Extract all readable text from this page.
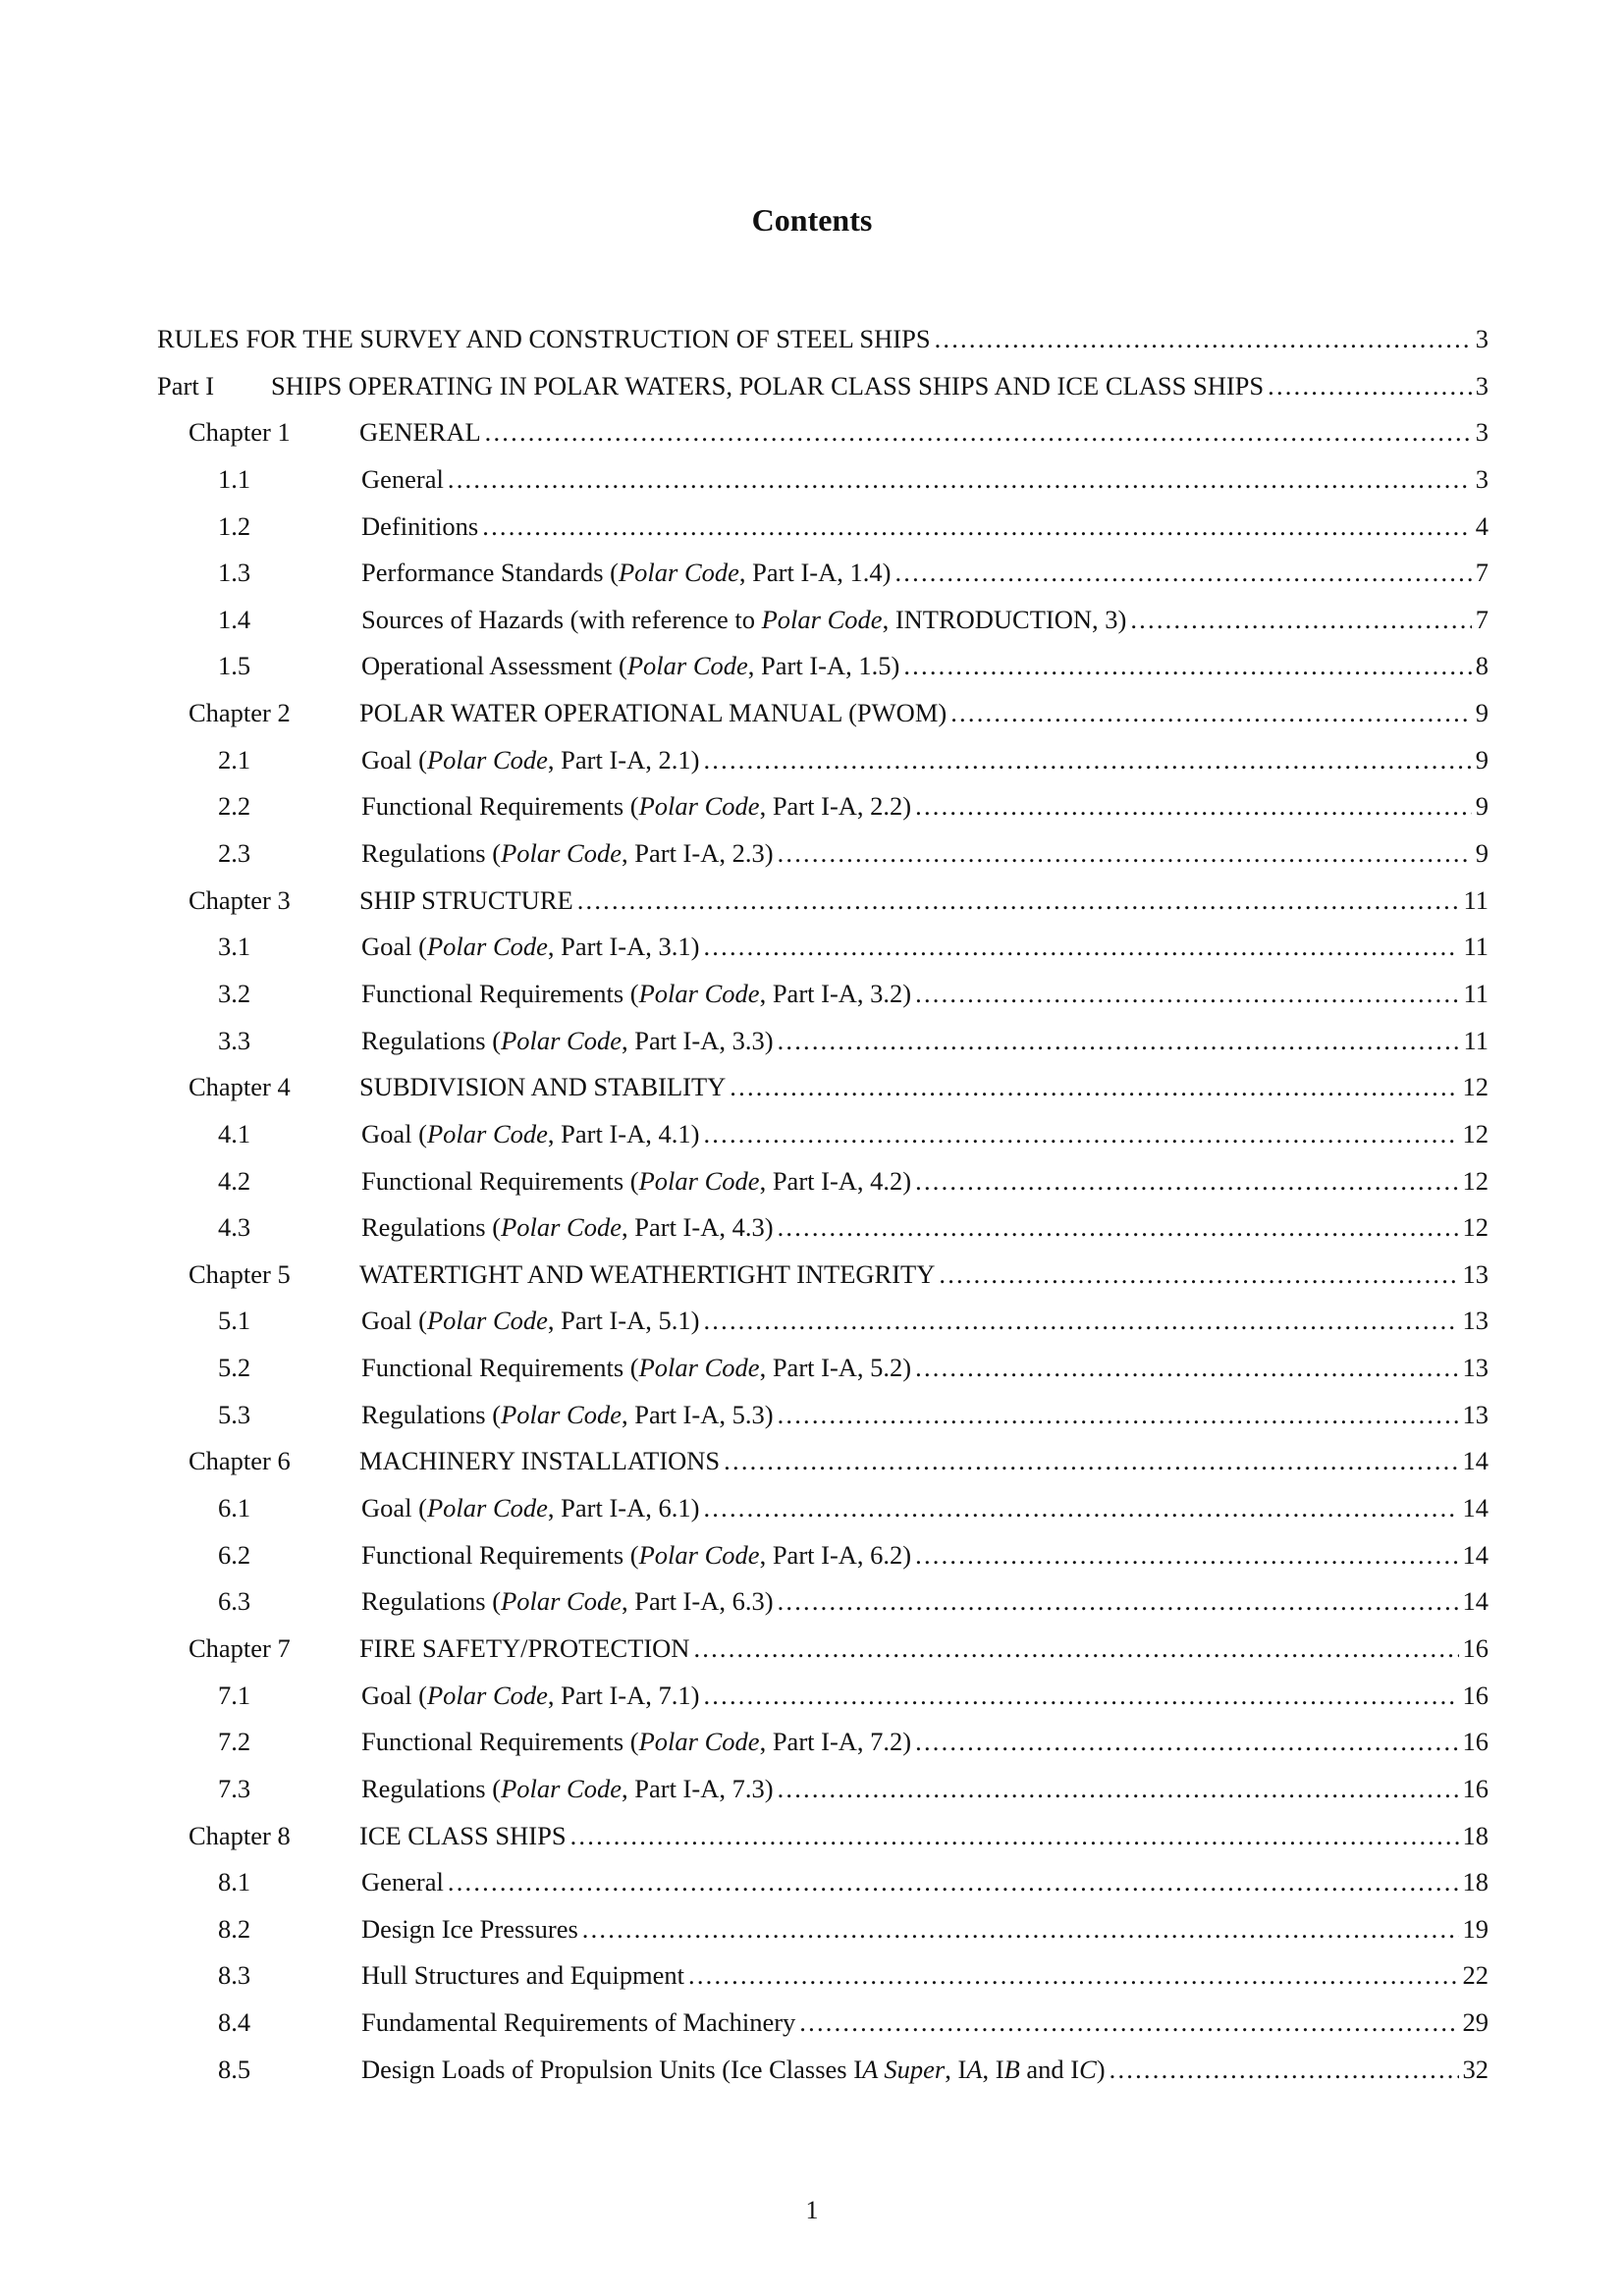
Contents
RULES FOR THE SURVEY AND CONSTRUCTION OF STEEL SHIPS .....	3
Part I	SHIPS OPERATING IN POLAR WATERS, POLAR CLASS SHIPS AND ICE CLASS SHIPS .....	3
Chapter 1	GENERAL .....	3
1.1	General .....	3
1.2	Definitions .....	4
1.3	Performance Standards (Polar Code, Part I-A, 1.4) .....	7
1.4	Sources of Hazards (with reference to Polar Code, INTRODUCTION, 3) .....	7
1.5	Operational Assessment (Polar Code, Part I-A, 1.5) .....	8
Chapter 2	POLAR WATER OPERATIONAL MANUAL (PWOM) .....	9
2.1	Goal (Polar Code, Part I-A, 2.1) .....	9
2.2	Functional Requirements (Polar Code, Part I-A, 2.2) .....	9
2.3	Regulations (Polar Code, Part I-A, 2.3) .....	9
Chapter 3	SHIP STRUCTURE .....	11
3.1	Goal (Polar Code, Part I-A, 3.1) .....	11
3.2	Functional Requirements (Polar Code, Part I-A, 3.2) .....	11
3.3	Regulations (Polar Code, Part I-A, 3.3) .....	11
Chapter 4	SUBDIVISION AND STABILITY .....	12
4.1	Goal (Polar Code, Part I-A, 4.1) .....	12
4.2	Functional Requirements (Polar Code, Part I-A, 4.2) .....	12
4.3	Regulations (Polar Code, Part I-A, 4.3) .....	12
Chapter 5	WATERTIGHT AND WEATHERTIGHT INTEGRITY .....	13
5.1	Goal (Polar Code, Part I-A, 5.1) .....	13
5.2	Functional Requirements (Polar Code, Part I-A, 5.2) .....	13
5.3	Regulations (Polar Code, Part I-A, 5.3) .....	13
Chapter 6	MACHINERY INSTALLATIONS .....	14
6.1	Goal (Polar Code, Part I-A, 6.1) .....	14
6.2	Functional Requirements (Polar Code, Part I-A, 6.2) .....	14
6.3	Regulations (Polar Code, Part I-A, 6.3) .....	14
Chapter 7	FIRE SAFETY/PROTECTION .....	16
7.1	Goal (Polar Code, Part I-A, 7.1) .....	16
7.2	Functional Requirements (Polar Code, Part I-A, 7.2) .....	16
7.3	Regulations (Polar Code, Part I-A, 7.3) .....	16
Chapter 8	ICE CLASS SHIPS .....	18
8.1	General .....	18
8.2	Design Ice Pressures .....	19
8.3	Hull Structures and Equipment .....	22
8.4	Fundamental Requirements of Machinery .....	29
8.5	Design Loads of Propulsion Units (Ice Classes IA Super, IA, IB and IC) .....	32
1
